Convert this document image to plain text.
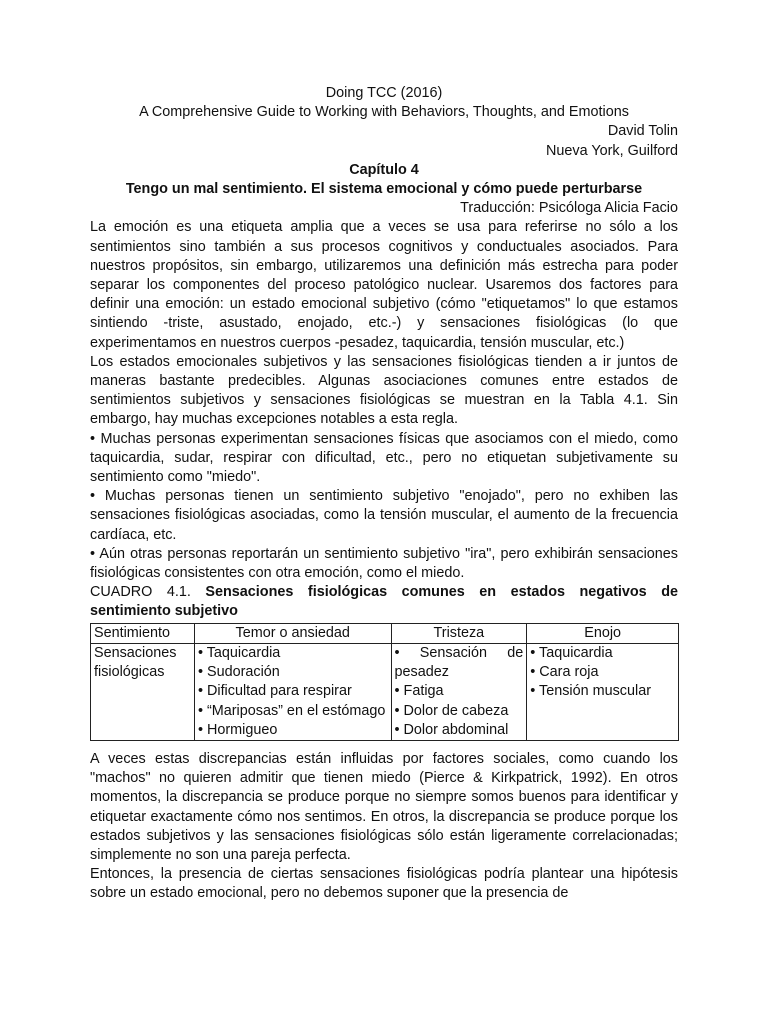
Doing TCC (2016)
A Comprehensive Guide to Working with Behaviors, Thoughts, and Emotions
David Tolin
Nueva York, Guilford
Capítulo 4
Tengo un mal sentimiento. El sistema emocional y cómo puede perturbarse
Traducción: Psicóloga Alicia Facio

La emoción es una etiqueta amplia que a veces se usa para referirse no sólo a los sentimientos sino también a sus procesos cognitivos y conductuales asociados. Para nuestros propósitos, sin embargo, utilizaremos una definición más estrecha para poder separar los componentes del proceso patológico nuclear. Usaremos dos factores para definir una emoción: un estado emocional subjetivo (cómo "etiquetamos" lo que estamos sintiendo -triste, asustado, enojado, etc.-) y sensaciones fisiológicas (lo que experimentamos en nuestros cuerpos -pesadez, taquicardia, tensión muscular, etc.)

Los estados emocionales subjetivos y las sensaciones fisiológicas tienden a ir juntos de maneras bastante predecibles. Algunas asociaciones comunes entre estados de sentimientos subjetivos y sensaciones fisiológicas se muestran en la Tabla 4.1. Sin embargo, hay muchas excepciones notables a esta regla.

• Muchas personas experimentan sensaciones físicas que asociamos con el miedo, como taquicardia, sudar, respirar con dificultad, etc., pero no etiquetan subjetivamente su sentimiento como "miedo".

• Muchas personas tienen un sentimiento subjetivo "enojado", pero no exhiben las sensaciones fisiológicas asociadas, como la tensión muscular, el aumento de la frecuencia cardíaca, etc.

• Aún otras personas reportarán un sentimiento subjetivo "ira", pero exhibirán sensaciones fisiológicas consistentes con otra emoción, como el miedo.

CUADRO 4.1. Sensaciones fisiológicas comunes en estados negativos de sentimiento subjetivo

Sentimiento	Temor o ansiedad	Tristeza	Enojo
Sensaciones fisiológicas	• Taquicardia
• Sudoración
• Dificultad para respirar
• “Mariposas” en el estómago
• Hormigueo	• Sensación de pesadez
• Fatiga
• Dolor de cabeza
• Dolor abdominal	• Taquicardia
• Cara roja
• Tensión muscular

A veces estas discrepancias están influidas por factores sociales, como cuando los "machos" no quieren admitir que tienen miedo (Pierce & Kirkpatrick, 1992). En otros momentos, la discrepancia se produce porque no siempre somos buenos para identificar y etiquetar exactamente cómo nos sentimos. En otros, la discrepancia se produce porque los estados subjetivos y las sensaciones fisiológicas sólo están ligeramente correlacionadas; simplemente no son una pareja perfecta.

Entonces, la presencia de ciertas sensaciones fisiológicas podría plantear una hipótesis sobre un estado emocional, pero no debemos suponer que la presencia de
